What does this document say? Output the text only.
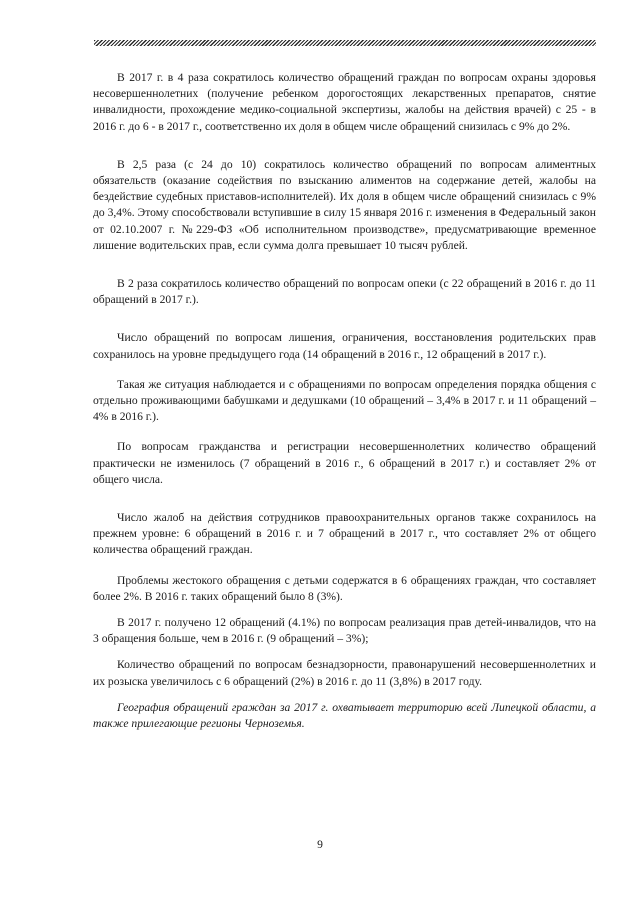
В 2017 г. в 4 раза сократилось количество обращений граждан по вопросам охраны здоровья несовершеннолетних (получение ребенком дорогостоящих лекарственных препаратов, снятие инвалидности, прохождение медико-социальной экспертизы, жалобы на действия врачей) с 25 - в 2016 г. до 6 - в 2017 г., соответственно их доля в общем числе обращений снизилась с 9% до 2%.

В 2,5 раза (с 24 до 10) сократилось количество обращений по вопросам алиментных обязательств (оказание содействия по взысканию алиментов на содержание детей, жалобы на бездействие судебных приставов-исполнителей). Их доля в общем числе обращений снизилась с 9% до 3,4%. Этому способствовали вступившие в силу 15 января 2016 г. изменения в Федеральный закон от 02.10.2007 г. №229-ФЗ «Об исполнительном производстве», предусматривающие временное лишение водительских прав, если сумма долга превышает 10 тысяч рублей.

В 2 раза сократилось количество обращений по вопросам опеки (с 22 обращений в 2016 г. до 11 обращений в 2017 г.).

Число обращений по вопросам лишения, ограничения, восстановления родительских прав сохранилось на уровне предыдущего года (14 обращений в 2016 г., 12 обращений в 2017 г.).

Такая же ситуация наблюдается и с обращениями по вопросам определения порядка общения с отдельно проживающими бабушками и дедушками (10 обращений – 3,4% в 2017 г. и 11 обращений – 4% в 2016 г.).

По вопросам гражданства и регистрации несовершеннолетних количество обращений практически не изменилось (7 обращений в 2016 г., 6 обращений в 2017 г.) и составляет 2% от общего числа.

Число жалоб на действия сотрудников правоохранительных органов также сохранилось на прежнем уровне: 6 обращений в 2016 г. и 7 обращений в 2017 г., что составляет 2% от общего количества обращений граждан.

Проблемы жестокого обращения с детьми содержатся в 6 обращениях граждан, что составляет более 2%. В 2016 г. таких обращений было 8 (3%).

В 2017 г. получено 12 обращений (4.1%) по вопросам реализация прав детей-инвалидов, что на 3 обращения больше, чем в 2016 г. (9 обращений – 3%);

Количество обращений по вопросам безнадзорности, правонарушений несовершеннолетних и их розыска увеличилось с 6 обращений (2%) в 2016 г. до 11 (3,8%) в 2017 году.

География обращений граждан за 2017 г. охватывает территорию всей Липецкой области, а также прилегающие регионы Черноземья.

9
